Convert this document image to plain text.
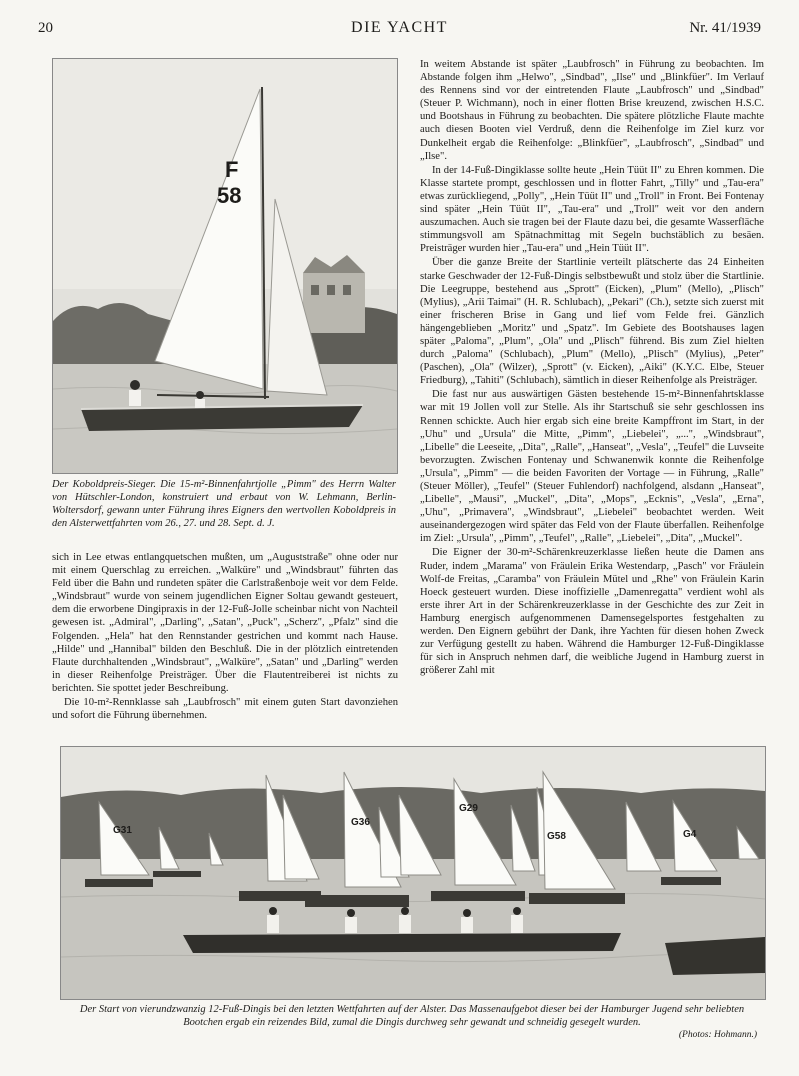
20	DIE YACHT	Nr. 41/1939
F
58
Der Koboldpreis-Sieger. Die 15-m²-Binnenfahrtjolle „Pimm" des Herrn Walter von Hütschler-London, konstruiert und erbaut von W. Lehmann, Berlin-Woltersdorf, gewann unter Führung ihres Eigners den wertvollen Koboldpreis in den Alsterwettfahrten vom 26., 27. und 28. Sept. d. J.

sich in Lee etwas entlangquetschen mußten, um „Auguststraße" ohne oder nur mit einem Querschlag zu erreichen. „Walküre" und „Windsbraut" führten das Feld über die Bahn und rundeten später die Carlstraßenboje weit vor dem Felde. „Windsbraut" wurde von seinem jugendlichen Eigner Soltau gewandt gesteuert, dem die erworbene Dingipraxis in der 12-Fuß-Jolle scheinbar nicht von Nachteil gewesen ist. „Admiral", „Darling", „Satan", „Puck", „Scherz", „Pfalz" sind die Folgenden. „Hela" hat den Rennstander gestrichen und kommt nach Hause. „Hilde" und „Hannibal" bilden den Beschluß. Die in der plötzlich eintretenden Flaute durchhaltenden „Windsbraut", „Walküre", „Satan" und „Darling" werden in dieser Reihenfolge Preisträger. Über die Flautentreiberei ist nichts zu berichten. Sie spottet jeder Beschreibung.

Die 10-m²-Rennklasse sah „Laubfrosch" mit einem guten Start davonziehen und sofort die Führung übernehmen.

In weitem Abstande ist später „Laubfrosch" in Führung zu beobachten. Im Abstande folgen ihm „Helwo", „Sindbad", „Ilse" und „Blinkfüer". Im Verlauf des Rennens sind vor der eintretenden Flaute „Laubfrosch" und „Sindbad" (Steuer P. Wichmann), noch in einer flotten Brise kreuzend, zwischen H.S.C. und Bootshaus in Führung zu beobachten. Die spätere plötzliche Flaute machte auch diesen Booten viel Verdruß, denn die Reihenfolge im Ziel kurz vor Dunkelheit ergab die Reihenfolge: „Blinkfüer", „Laubfrosch", „Sindbad" und „Ilse".

In der 14-Fuß-Dingiklasse sollte heute „Hein Tüüt II" zu Ehren kommen. Die Klasse startete prompt, geschlossen und in flotter Fahrt, „Tilly" und „Tau-era" etwas zurückliegend, „Polly", „Hein Tüüt II" und „Troll" in Front. Bei Fontenay sind später „Hein Tüüt II", „Tau-era" und „Troll" weit vor den andern auszumachen. Auch sie tragen bei der Flaute dazu bei, die gesamte Wasserfläche stimmungsvoll am Spätnachmittag mit Segeln buchstäblich zu besäen. Preisträger wurden hier „Tau-era" und „Hein Tüüt II".

Über die ganze Breite der Startlinie verteilt plätscherte das 24 Einheiten starke Geschwader der 12-Fuß-Dingis selbstbewußt und stolz über die Startlinie. Die Leegruppe, bestehend aus „Sprott" (Eicken), „Plum" (Mello), „Plisch" (Mylius), „Arii Taimai" (H. R. Schlubach), „Pekari" (Ch.), setzte sich zuerst mit einer frischeren Brise in Gang und lief vom Felde frei. Gänzlich hängengeblieben „Moritz" und „Spatz". Im Gebiete des Bootshauses lagen später „Paloma", „Plum", „Ola" und „Plisch" führend. Bis zum Ziel hielten durch „Paloma" (Schlubach), „Plum" (Mello), „Plisch" (Mylius), „Peter" (Paschen), „Ola" (Wilzer), „Sprott" (v. Eicken), „Aiki" (K.Y.C. Elbe, Steuer Friedburg), „Tahiti" (Schlubach), sämtlich in dieser Reihenfolge als Preisträger.

Die fast nur aus auswärtigen Gästen bestehende 15-m²-Binnenfahrtsklasse war mit 19 Jollen voll zur Stelle. Als ihr Startschuß sie sehr geschlossen ins Rennen schickte. Auch hier ergab sich eine breite Kampffront im Start, in der „Uhu" und „Ursula" die Mitte, „Pimm", „Liebelei", „...", „Windsbraut", „Libelle" die Leeseite, „Dita", „Ralle", „Hanseat", „Vesla", „Teufel" die Luvseite bevorzugten. Zwischen Fontenay und Schwanenwik konnte die Reihenfolge „Ursula", „Pimm" — die beiden Favoriten der Vortage — in Führung, „Ralle" (Steuer Möller), „Teufel" (Steuer Fuhlendorf) nachfolgend, alsdann „Hanseat", „Libelle", „Mausi", „Muckel", „Dita", „Mops", „Ecknis", „Vesla", „Erna", „Uhu", „Primavera", „Windsbraut", „Liebelei" beobachtet werden. Weit auseinandergezogen wird später das Feld von der Flaute überfallen. Reihenfolge im Ziel: „Ursula", „Pimm", „Teufel", „Ralle", „Liebelei", „Dita", „Muckel".

Die Eigner der 30-m²-Schärenkreuzerklasse ließen heute die Damen ans Ruder, indem „Marama" von Fräulein Erika Westendarp, „Pasch" vor Fräulein Wolf-de Freitas, „Caramba" von Fräulein Mütel und „Rhe" von Fräulein Karin Hoeck gesteuert wurden. Diese inoffizielle „Damenregatta" verdient wohl als erste ihrer Art in der Schärenkreuzerklasse in der Geschichte des zur Zeit in Hamburg energisch aufgenommenen Damensegelsportes festgehalten zu werden. Den Eignern gebührt der Dank, ihre Yachten für diesen hohen Zweck zur Verfügung gestellt zu haben. Während die Hamburger 12-Fuß-Dingiklasse für sich in Anspruch nehmen darf, die weibliche Jugend in Hamburg zuerst in größerer Zahl mit

G31
G36
G29
G58	G4
Der Start von vierundzwanzig 12-Fuß-Dingis bei den letzten Wettfahrten auf der Alster. Das Massenaufgebot dieser bei der Hamburger Jugend sehr beliebten Bootchen ergab ein reizendes Bild, zumal die Dingis durchweg sehr gewandt und schneidig gesegelt wurden.
(Photos: Hohmann.)
